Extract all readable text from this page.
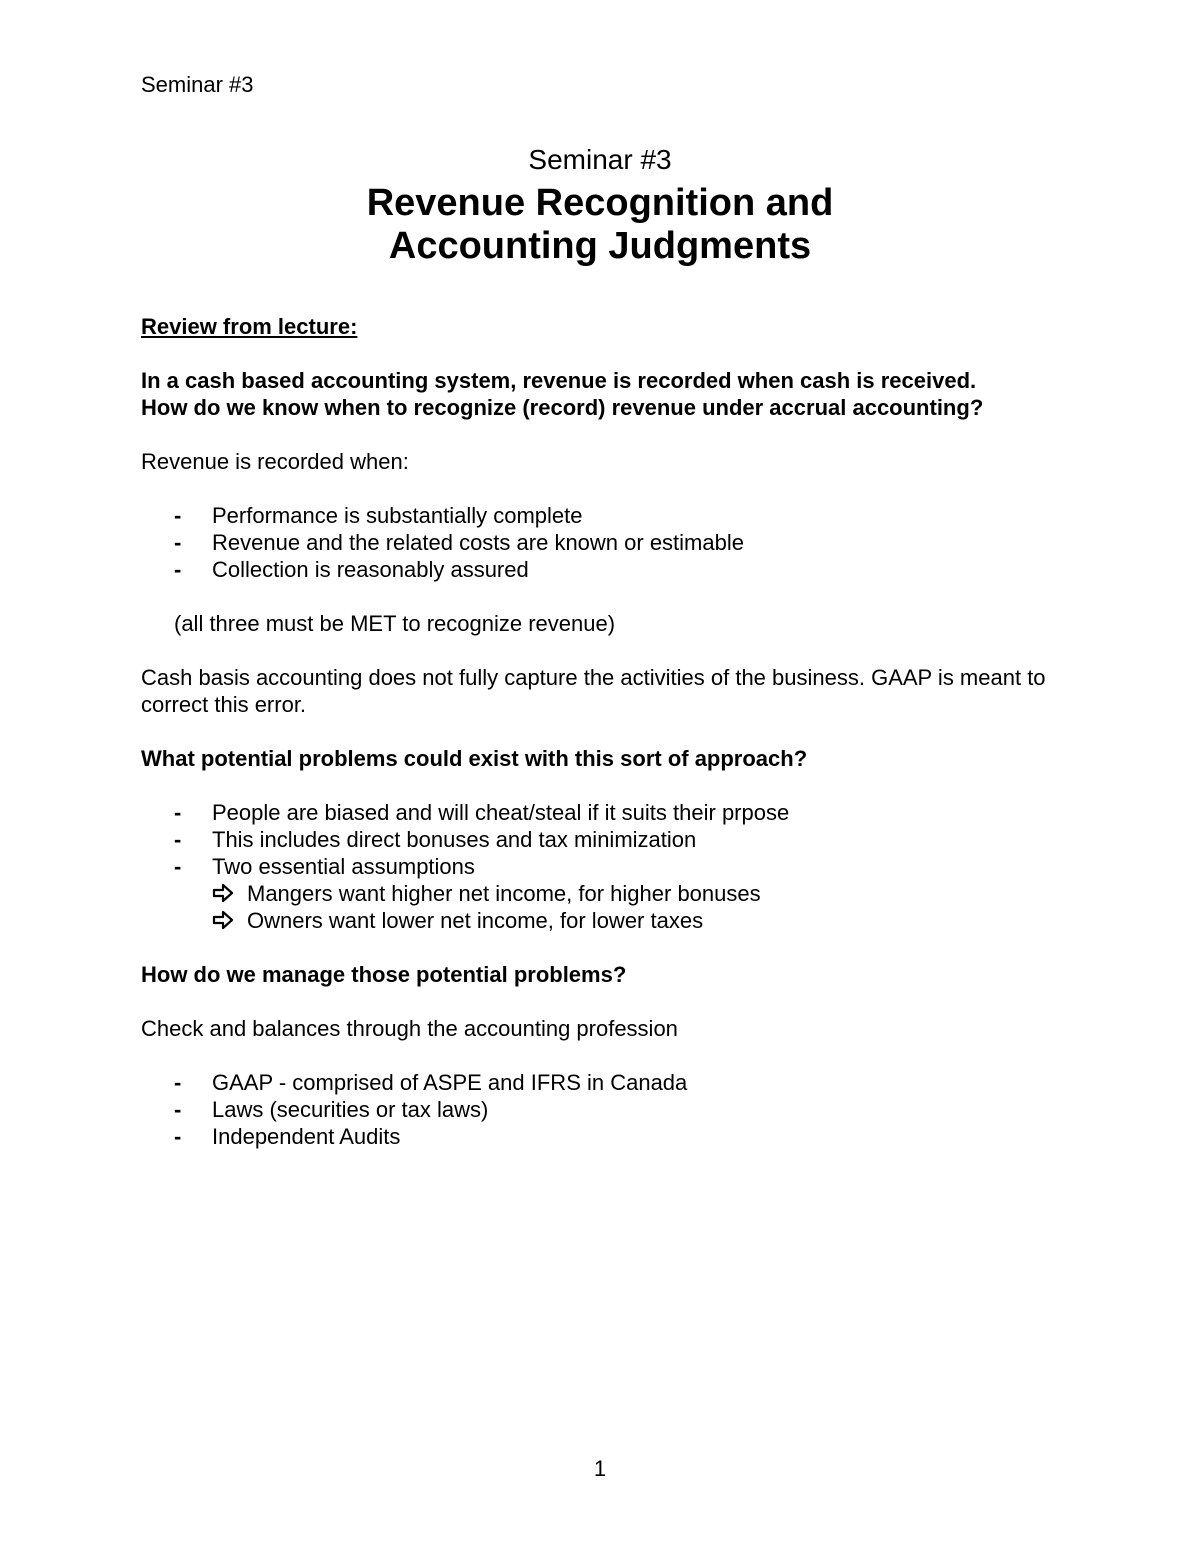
Seminar #3
Seminar #3
Revenue Recognition and
Accounting Judgments

Review from lecture:

In a cash based accounting system, revenue is recorded when cash is received.

How do we know when to recognize (record) revenue under accrual accounting?

Revenue is recorded when:

- Performance is substantially complete
- Revenue and the related costs are known or estimable
- Collection is reasonably assured

(all three must be MET to recognize revenue)

Cash basis accounting does not fully capture the activities of the business. GAAP is meant to correct this error.

What potential problems could exist with this sort of approach?

- People are biased and will cheat/steal if it suits their prpose
- This includes direct bonuses and tax minimization
- Two essential assumptions
Mangers want higher net income, for higher bonuses
Owners want lower net income, for lower taxes

How do we manage those potential problems?

Check and balances through the accounting profession

- GAAP - comprised of ASPE and IFRS in Canada
- Laws (securities or tax laws)
- Independent Audits
1
